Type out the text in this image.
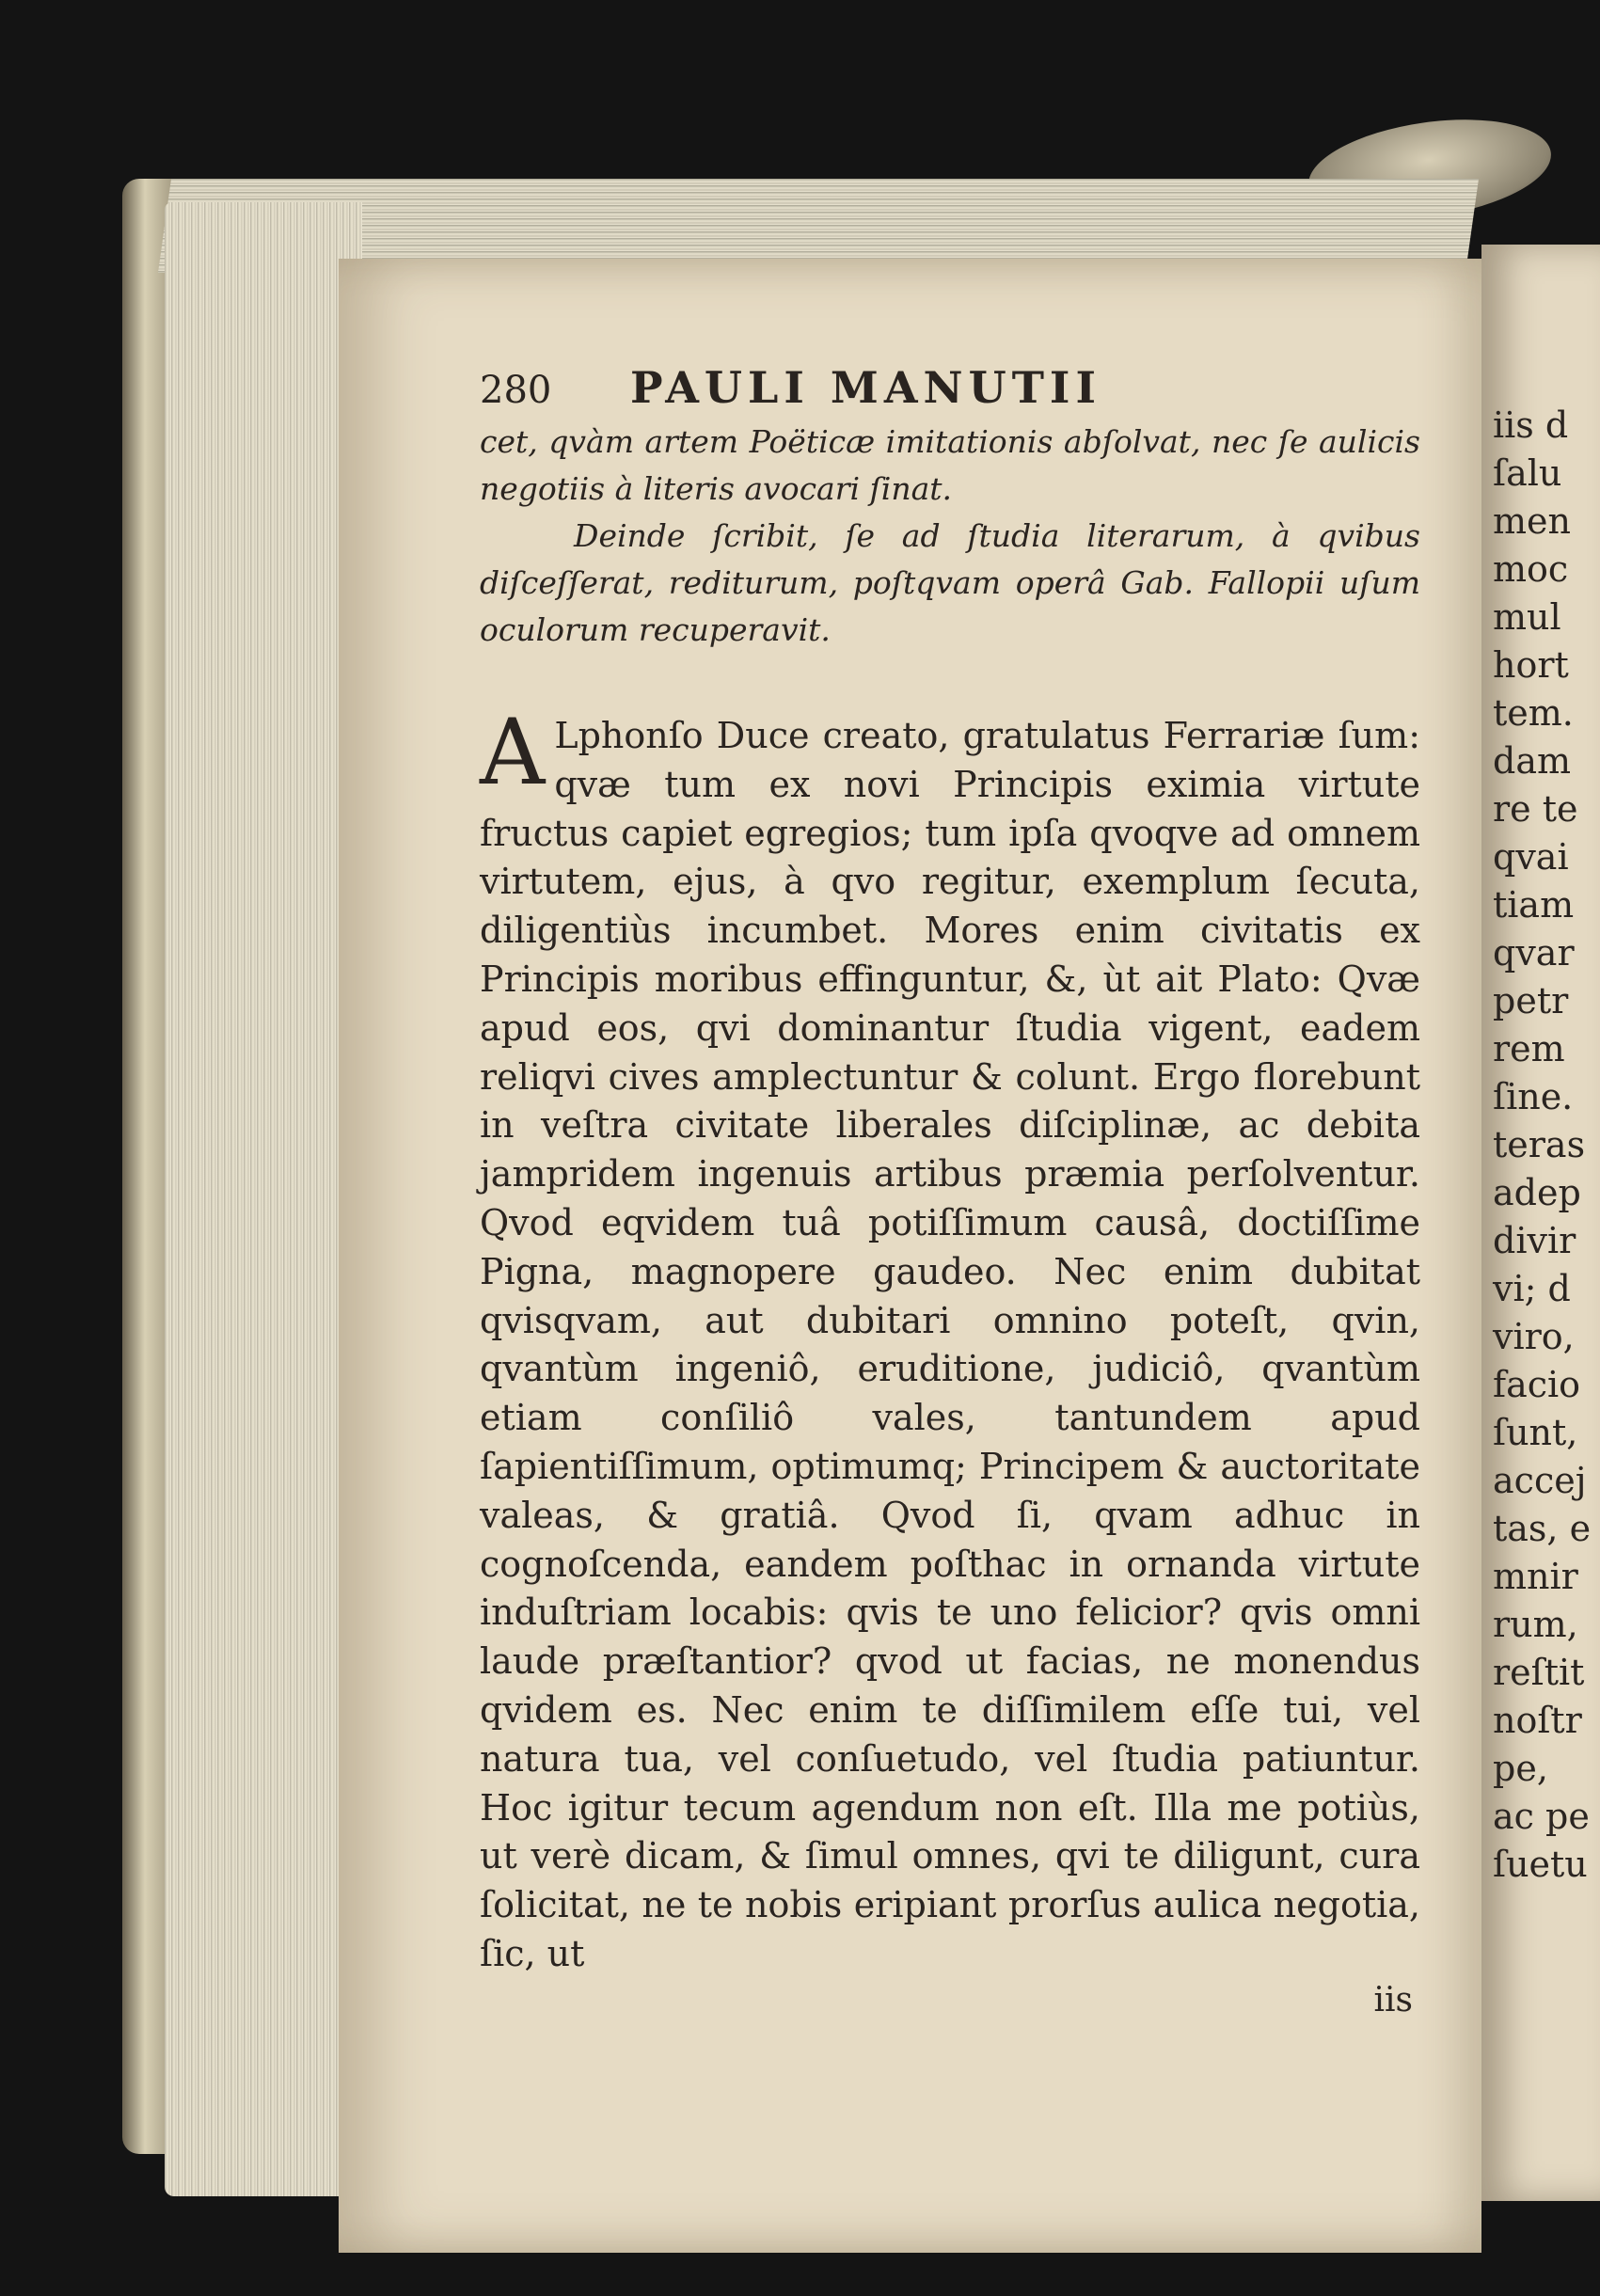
280	PAULI MANUTII

cet, qvàm artem Poëticæ imitationis abſolvat, nec ſe aulicis negotiis à literis avocari ſinat.

Deinde ſcribit, ſe ad ſtudia literarum, à qvibus diſceſſerat, rediturum, poſtqvam operâ Gab. Fallopii uſum oculorum recuperavit.

A Lphonſo Duce creato, gratulatus Ferrariæ ſum: qvæ tum ex novi Principis eximia virtute fructus capiet egregios; tum ipſa qvoqve ad omnem virtutem, ejus, à qvo regitur, exemplum ſecuta, diligentiùs incumbet. Mores enim civitatis ex Principis moribus effinguntur, &, ùt ait Plato: Qvæ apud eos, qvi dominantur ſtudia vigent, eadem reliqvi cives amplectuntur & colunt. Ergo florebunt in veſtra civitate liberales diſciplinæ, ac debita jampridem ingenuis artibus præmia perſolventur. Qvod eqvidem tuâ potiſſimum causâ, doctiſſime Pigna, magnopere gaudeo. Nec enim dubitat qvisqvam, aut dubitari omnino poteſt, qvin, qvantùm ingeniô, eruditione, judiciô, qvantùm etiam conſiliô vales, tantundem apud ſapientiſſimum, optimumq; Principem & auctoritate valeas, & gratiâ. Qvod ſi, qvam adhuc in cognoſcenda, eandem poſthac in ornanda virtute induſtriam locabis: qvis te uno felicior? qvis omni laude præſtantior? qvod ut facias, ne monendus qvidem es. Nec enim te diſſimilem eſſe tui, vel natura tua, vel conſuetudo, vel ſtudia patiuntur. Hoc igitur tecum agendum non eſt. Illa me potiùs, ut verè dicam, & ſimul omnes, qvi te diligunt, cura ſolicitat, ne te nobis eripiant prorſus aulica negotia, ſic, ut

iis
iis d
ſalu
men
moc
mul
hort
tem.
dam
re te
qvai
tiam
qvar
petr
rem
ſine.
teras
adep
divir
vi; d
viro,
facio
ſunt,
accej
tas, e
mnir
rum,
reſtit
noſtr
pe,
ac pe
ſuetu
